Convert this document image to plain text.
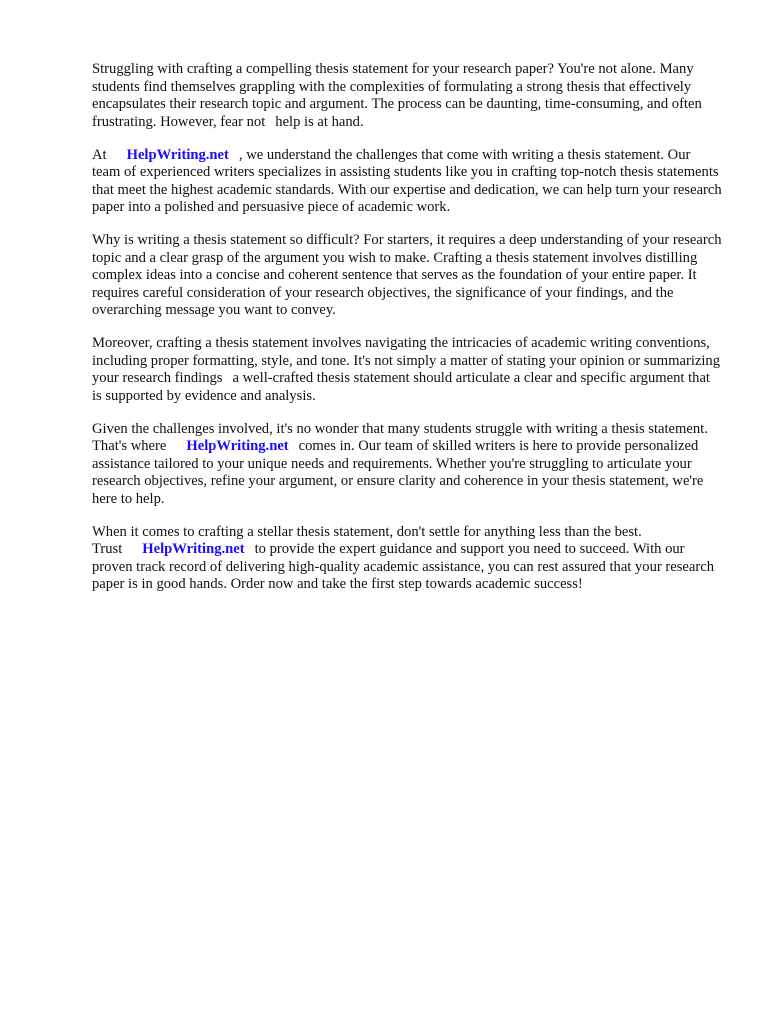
Struggling with crafting a compelling thesis statement for your research paper? You're not alone. Many students find themselves grappling with the complexities of formulating a strong thesis that effectively encapsulates their research topic and argument. The process can be daunting, time-consuming, and often frustrating. However, fear not help is at hand.

At HelpWriting.net , we understand the challenges that come with writing a thesis statement. Our team of experienced writers specializes in assisting students like you in crafting top-notch thesis statements that meet the highest academic standards. With our expertise and dedication, we can help turn your research paper into a polished and persuasive piece of academic work.

Why is writing a thesis statement so difficult? For starters, it requires a deep understanding of your research topic and a clear grasp of the argument you wish to make. Crafting a thesis statement involves distilling complex ideas into a concise and coherent sentence that serves as the foundation of your entire paper. It requires careful consideration of your research objectives, the significance of your findings, and the overarching message you want to convey.

Moreover, crafting a thesis statement involves navigating the intricacies of academic writing conventions, including proper formatting, style, and tone. It's not simply a matter of stating your opinion or summarizing your research findings a well-crafted thesis statement should articulate a clear and specific argument that is supported by evidence and analysis.

Given the challenges involved, it's no wonder that many students struggle with writing a thesis statement. That's where HelpWriting.net comes in. Our team of skilled writers is here to provide personalized assistance tailored to your unique needs and requirements. Whether you're struggling to articulate your research objectives, refine your argument, or ensure clarity and coherence in your thesis statement, we're here to help.

When it comes to crafting a stellar thesis statement, don't settle for anything less than the best. Trust HelpWriting.net to provide the expert guidance and support you need to succeed. With our proven track record of delivering high-quality academic assistance, you can rest assured that your research paper is in good hands. Order now and take the first step towards academic success!
